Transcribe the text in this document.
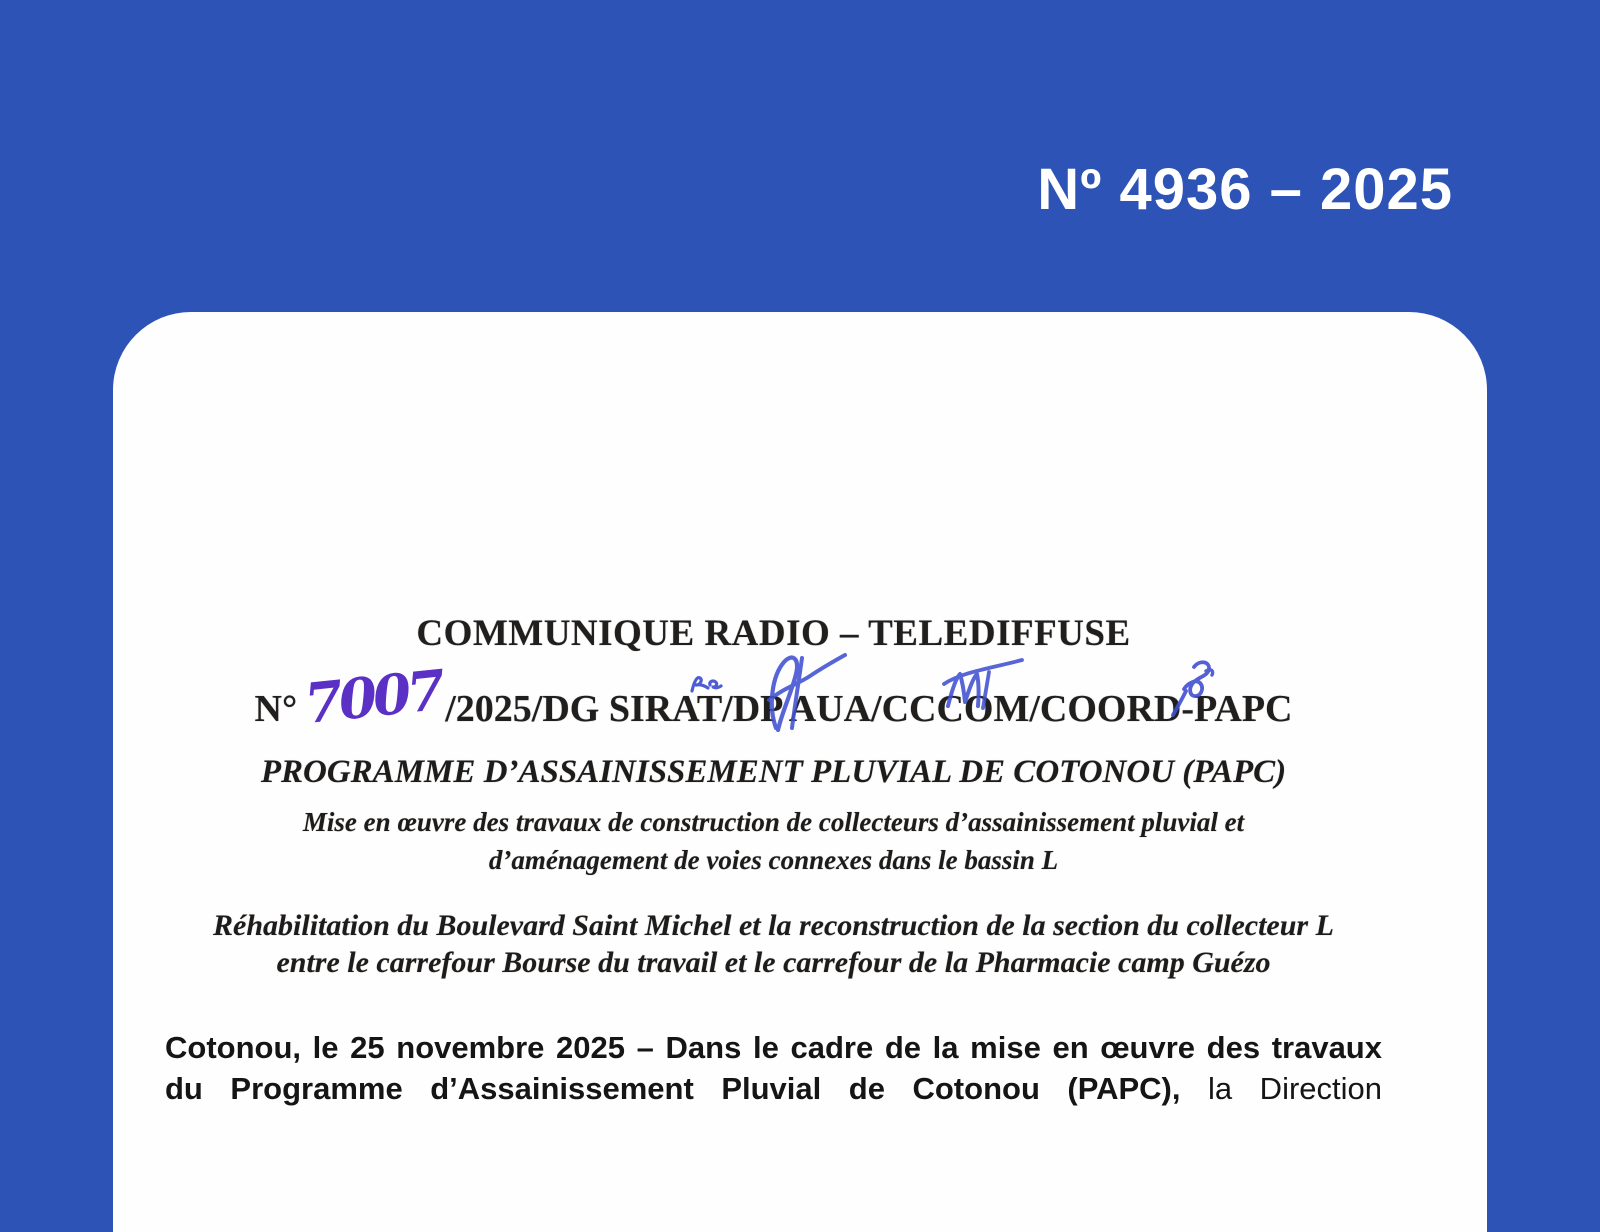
Nº 4936 – 2025
COMMUNIQUE RADIO – TELEDIFFUSE
N°7007/2025/DG SIRAT/DP AUA/CCCOM/COORD-PAPC
PROGRAMME D’ASSAINISSEMENT PLUVIAL DE COTONOU (PAPC)
Mise en œuvre des travaux de construction de collecteurs d’assainissement pluvial et
d’aménagement de voies connexes dans le bassin L
Réhabilitation du Boulevard Saint Michel et la reconstruction de la section du collecteur L
entre le carrefour Bourse du travail et le carrefour de la Pharmacie camp Guézo
Cotonou, le 25 novembre 2025 – Dans le cadre de la mise en œuvre des travaux
du Programme d’Assainissement Pluvial de Cotonou (PAPC), la Direction
